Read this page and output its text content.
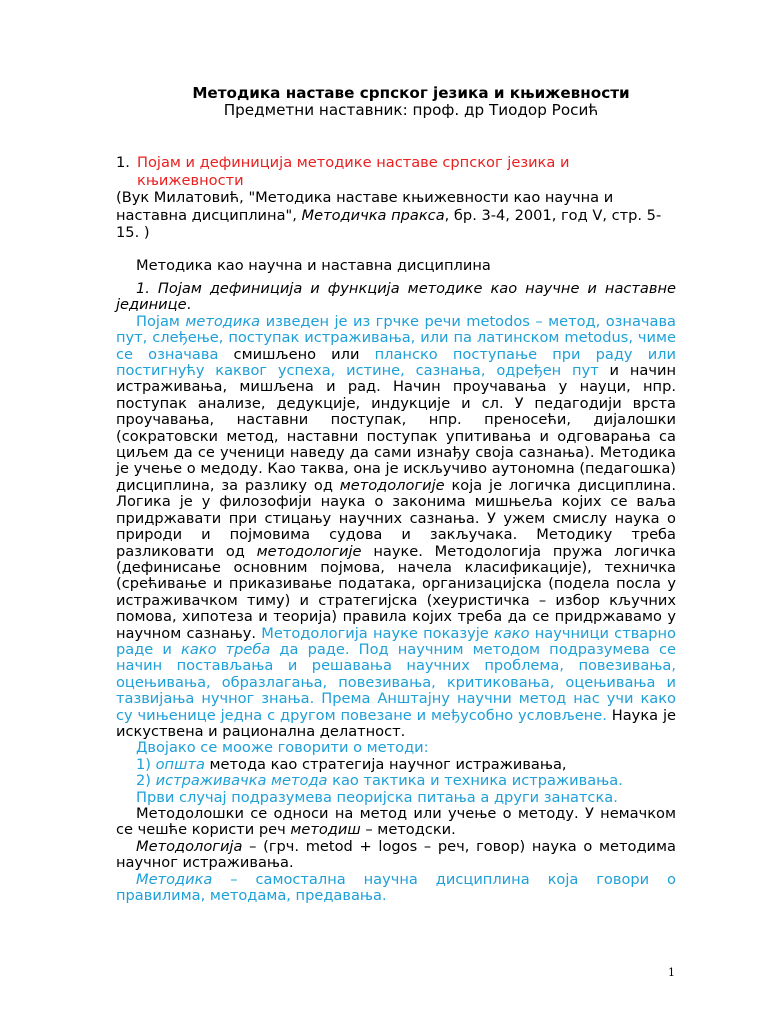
Методика наставе српског језика и књижевности
Предметни наставник: проф. др Тиодор Росић
1. Појам и дефиниција методике наставе српског језика и књижевности
(Вук Милатовић, "Методика наставе књижевности као научна и наставна дисциплина", Методичка пракса, бр. 3-4, 2001, год V, стр. 5-15. )
Методика као научна и наставна дисциплина

1. Појам дефиниција и функција методике као научне и наставне јединице.

Појам методика изведен је из грчке речи metodos – метод, означава пут, слеђење, поступак истраживања, или па латинском metodus, чиме се означава смишљено или планско поступање при раду или постигнућу каквог успеха, истине, сазнања, одређен пут и начин истраживања, мишљена и рад. Начин проучавања у науци, нпр. поступак анализе, дедукције, индукције и сл. У педагодији врста проучавања, наставни поступак, нпр. преносећи, дијалошки (сократовски метод, наставни поступак упитивања и одговарања са циљем да се ученици наведу да сами изнађу своја сазнања). Методика је учење о медоду. Као таква, она је искључиво аутономна (педагошка) дисциплина, за разлику од методологије која је логичка дисциплина. Логика је у филозофији наука о законима мишњеља којих се ваља придржавати при стицању научних сазнања. У ужем смислу наука о природи и појмовима судова и закључака. Методику треба разликовати од методологије науке. Методологија пружа логичка (дефинисање основним појмова, начела класификације), техничка (срећивање и приказивање података, организацијска (подела посла у истраживачком тиму) и стратегијска (хеуристичка – избор кључних помова, хипотеза и теорија) правила којих треба да се придржавамо у научном сазнању. Методологија науке показује како научници стварно раде и како треба да раде. Под научним методом подразумева се начин постављања и решавања научних проблема, повезивања, оцењивања, образлагања, повезивања, критиковања, оцењивања и тазвијања нучног знања. Према Анштајну научни метод нас учи како су чињенице једна с другом повезане и међусобно условљене. Наука је искуствена и рационална делатност.

Двојако се мооже говорити о методи:

1) општа метода као стратегија научног истраживања,

2) истраживачка метода као тактика и техника истраживања.

Први случај подразумева пеоријска питања а други занатска.

Методолошки се односи на метод или учење о методу. У немачком се чешће користи реч методиш – методски.

Методологија – (грч. metod + logos – реч, говор) наука о методима научног истраживања.

Методика – самостална научна дисциплина која говори о правилима, методама, предавања.

1
